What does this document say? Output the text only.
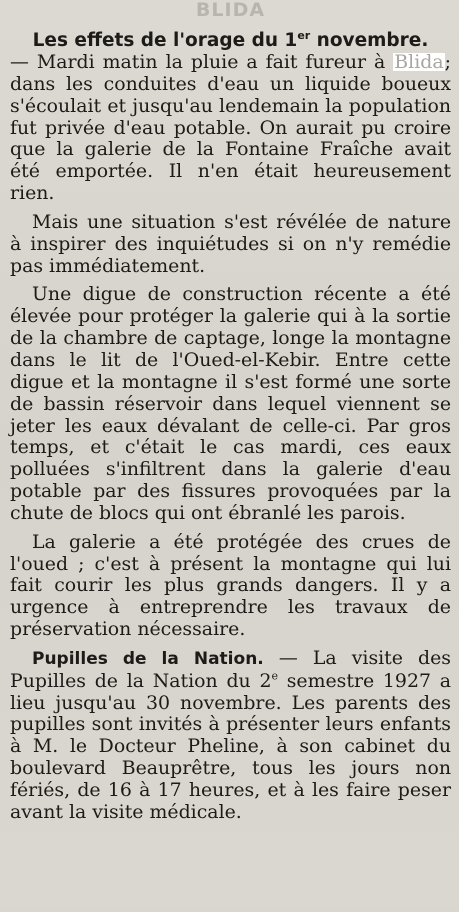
BLIDA
Les effets de l'orage du 1er novembre.

— Mardi matin la pluie a fait fureur à Blida; dans les conduites d'eau un liquide boueux s'écoulait et jusqu'au lendemain la population fut privée d'eau potable. On aurait pu croire que la galerie de la Fontaine Fraîche avait été emportée. Il n'en était heureusement rien.

Mais une situation s'est révélée de nature à inspirer des inquiétudes si on n'y remédie pas immédiatement.

Une digue de construction récente a été élevée pour protéger la galerie qui à la sortie de la chambre de captage, longe la montagne dans le lit de l'Oued-el-Kebir. Entre cette digue et la montagne il s'est formé une sorte de bassin réservoir dans lequel viennent se jeter les eaux dévalant de celle-ci. Par gros temps, et c'était le cas mardi, ces eaux polluées s'infiltrent dans la galerie d'eau potable par des fissures provoquées par la chute de blocs qui ont ébranlé les parois.

La galerie a été protégée des crues de l'oued ; c'est à présent la montagne qui lui fait courir les plus grands dangers. Il y a urgence à entreprendre les travaux de préservation nécessaire.

Pupilles de la Nation. — La visite des Pupilles de la Nation du 2e semestre 1927 a lieu jusqu'au 30 novembre. Les parents des pupilles sont invités à présenter leurs enfants à M. le Docteur Pheline, à son cabinet du boulevard Beauprêtre, tous les jours non fériés, de 16 à 17 heures, et à les faire peser avant la visite médicale.
